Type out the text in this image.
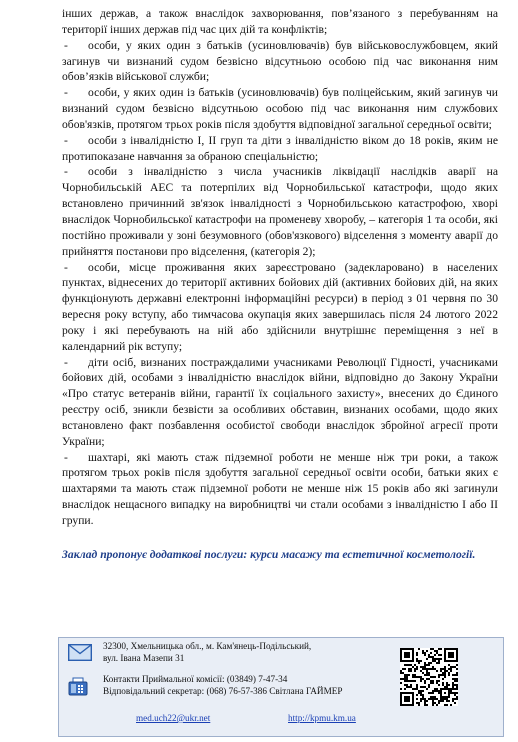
інших держав, а також внаслідок захворювання, пов’язаного з перебуванням на території інших держав під час цих дій та конфліктів;

- особи, у яких один з батьків (усиновлювачів) був військовослужбовцем, який загинув чи визнаний судом безвісно відсутньою особою під час виконання ним обов’язків військової служби;

- особи, у яких один із батьків (усиновлювачів) був поліцейським, який загинув чи визнаний судом безвісно відсутньою особою під час виконання ним службових обов'язків, протягом трьох років після здобуття відповідної загальної середньої освіти;

- особи з інвалідністю I, II груп та діти з інвалідністю віком до 18 років, яким не протипоказане навчання за обраною спеціальністю;

- особи з інвалідністю з числа учасників ліквідації наслідків аварії на Чорнобильській АЕС та потерпілих від Чорнобильської катастрофи, щодо яких встановлено причинний зв'язок інвалідності з Чорнобильською катастрофою, хворі внаслідок Чорнобильської катастрофи на променеву хворобу, – категорія 1 та особи, які постійно проживали у зоні безумовного (обов'язкового) відселення з моменту аварії до прийняття постанови про відселення, (категорія 2);

- особи, місце проживання яких зареєстровано (задекларовано) в населених пунктах, віднесених до території активних бойових дій (активних бойових дій, на яких функціонують державні електронні інформаційні ресурси) в період з 01 червня по 30 вересня року вступу, або тимчасова окупація яких завершилась після 24 лютого 2022 року і які перебувають на ній або здійснили внутрішнє переміщення з неї в календарний рік вступу;

- діти осіб, визнаних постраждалими учасниками Революції Гідності, учасниками бойових дій, особами з інвалідністю внаслідок війни, відповідно до Закону України «Про статус ветеранів війни, гарантії їх соціального захисту», внесених до Єдиного реєстру осіб, зникли безвісти за особливих обставин, визнаних особами, щодо яких встановлено факт позбавлення особистої свободи внаслідок збройної агресії проти України;

- шахтарі, які мають стаж підземної роботи не менше ніж три роки, а також протягом трьох років після здобуття загальної середньої освіти особи, батьки яких є шахтарями та мають стаж підземної роботи не менше ніж 15 років або які загинули внаслідок нещасного випадку на виробництві чи стали особами з інвалідністю I або II групи.

Заклад пропонує додаткові послуги: курси масажу та естетичної косметології.

32300, Хмельницька обл., м. Кам'янець-Подільський,
вул. Івана Мазепи 31
Контакти Приймальної комісії: (03849) 7-47-34
Відповідальний секретар: (068) 76-57-386 Світлана ГАЙМЕР
med.uch22@ukr.net	http://kpmu.km.ua
